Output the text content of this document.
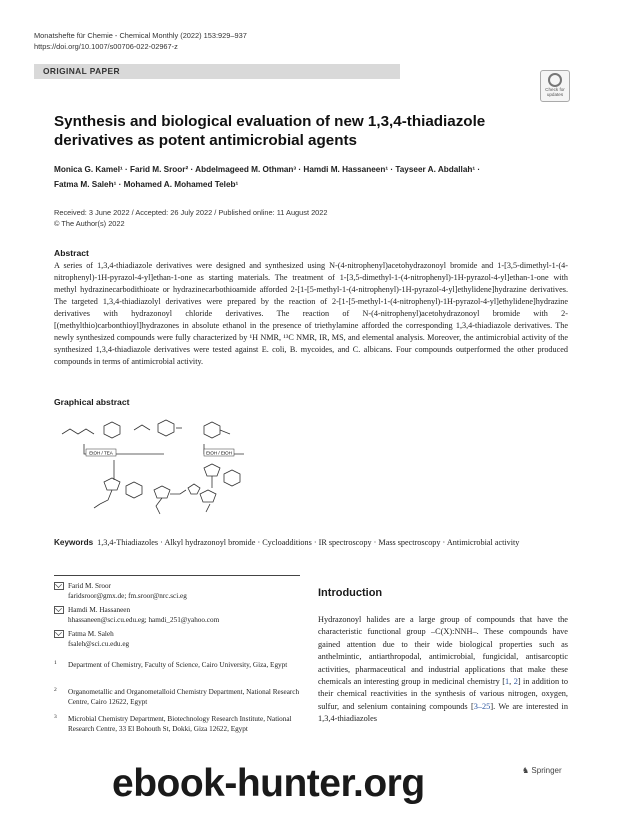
Monatshefte für Chemie - Chemical Monthly (2022) 153:929–937
https://doi.org/10.1007/s00706-022-02967-z
ORIGINAL PAPER
Check for updates
Synthesis and biological evaluation of new 1,3,4-thiadiazole derivatives as potent antimicrobial agents
Monica G. Kamel¹ · Farid M. Sroor² · Abdelmageed M. Othman³ · Hamdi M. Hassaneen¹ · Tayseer A. Abdallah¹ ·
Fatma M. Saleh¹ · Mohamed A. Mohamed Teleb¹
Received: 3 June 2022 / Accepted: 26 July 2022 / Published online: 11 August 2022
© The Author(s) 2022
Abstract
A series of 1,3,4-thiadiazole derivatives were designed and synthesized using N-(4-nitrophenyl)acetohydrazonoyl bromide and 1-[3,5-dimethyl-1-(4-nitrophenyl)-1H-pyrazol-4-yl]ethan-1-one as starting materials. The treatment of 1-[3,5-dimethyl-1-(4-nitrophenyl)-1H-pyrazol-4-yl]ethan-1-one with methyl hydrazinecarbodithioate or hydrazinecarbothioamide afforded 2-[1-[5-methyl-1-(4-nitrophenyl)-1H-pyrazol-4-yl]ethylidene]hydrazine derivatives. The targeted 1,3,4-thiadiazolyl derivatives were prepared by the reaction of 2-[1-[5-methyl-1-(4-nitrophenyl)-1H-pyrazol-4-yl]ethylidene]hydrazine derivatives with hydrazonoyl chloride derivatives. The reaction of N-(4-nitrophenyl)acetohydrazonoyl bromide with 2-[(methylthio)carbonthioyl]hydrazones in absolute ethanol in the presence of triethylamine afforded the corresponding 1,3,4-thiadiazole derivatives. The newly synthesized compounds were fully characterized by ¹H NMR, ¹³C NMR, IR, MS, and elemental analysis. Moreover, the antimicrobial activity of the synthesized 1,3,4-thiadiazole derivatives were tested against E. coli, B. mycoides, and C. albicans. Four compounds outperformed the other produced compounds in terms of antimicrobial activity.
Graphical abstract
EtOH / TEA	EtOH / EtOH
Keywords 1,3,4-Thiadiazoles · Alkyl hydrazonoyl bromide · Cycloadditions · IR spectroscopy · Mass spectroscopy · Antimicrobial activity
Farid M. Sroor
faridsroor@gmx.de; fm.sroor@nrc.sci.eg
Hamdi M. Hassaneen
hhassaneen@sci.cu.edu.eg; hamdi_251@yahoo.com
Fatma M. Saleh
fsaleh@sci.cu.edu.eg
1 Department of Chemistry, Faculty of Science, Cairo University, Giza, Egypt
2 Organometallic and Organometalloid Chemistry Department, National Research Centre, Cairo 12622, Egypt
3 Microbial Chemistry Department, Biotechnology Research Institute, National Research Centre, 33 El Bohouth St, Dokki, Giza 12622, Egypt
Introduction
Hydrazonoyl halides are a large group of compounds that have the characteristic functional group –C(X):NNH–. These compounds have gained attention due to their wide biological properties such as anthelmintic, antiarthropodal, antimicrobial, fungicidal, antisarcoptic activities, pharmaceutical and industrial applications that make these chemicals an interesting group in medicinal chemistry [1, 2] in addition to their chemical reactivities in the synthesis of various nitrogen, oxygen, sulfur, and selenium containing compounds [3–25]. We are interested in 1,3,4-thiadiazoles
♞ Springer
ebook-hunter.org
